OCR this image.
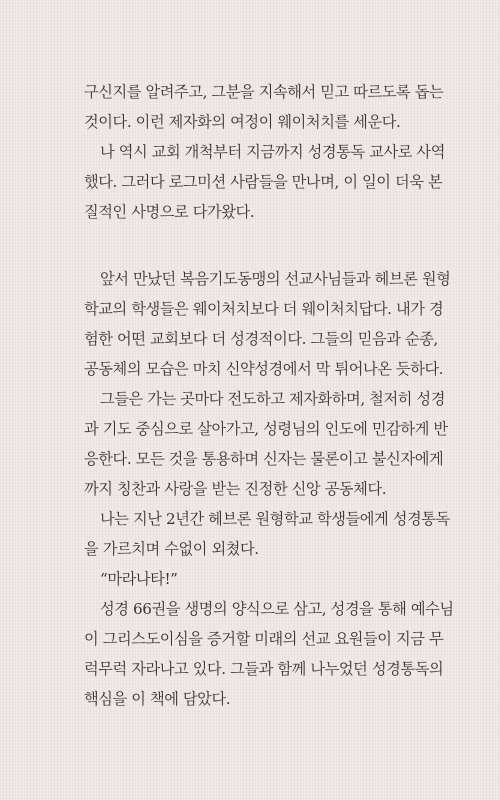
구신지를 알려주고, 그분을 지속해서 믿고 따르도록 돕는
것이다. 이런 제자화의 여정이 웨이처치를 세운다.
나 역시 교회 개척부터 지금까지 성경통독 교사로 사역
했다. 그러다 로그미션 사람들을 만나며, 이 일이 더욱 본
질적인 사명으로 다가왔다.
앞서 만났던 복음기도동맹의 선교사님들과 헤브론 원형
학교의 학생들은 웨이처치보다 더 웨이처치답다. 내가 경
험한 어떤 교회보다 더 성경적이다. 그들의 믿음과 순종,
공동체의 모습은 마치 신약성경에서 막 튀어나온 듯하다.
그들은 가는 곳마다 전도하고 제자화하며, 철저히 성경
과 기도 중심으로 살아가고, 성령님의 인도에 민감하게 반
응한다. 모든 것을 통용하며 신자는 물론이고 불신자에게
까지 칭찬과 사랑을 받는 진정한 신앙 공동체다.
나는 지난 2년간 헤브론 원형학교 학생들에게 성경통독
을 가르치며 수없이 외쳤다.
“마라나타!”
성경 66권을 생명의 양식으로 삼고, 성경을 통해 예수님
이 그리스도이심을 증거할 미래의 선교 요원들이 지금 무
럭무럭 자라나고 있다. 그들과 함께 나누었던 성경통독의
핵심을 이 책에 담았다.
